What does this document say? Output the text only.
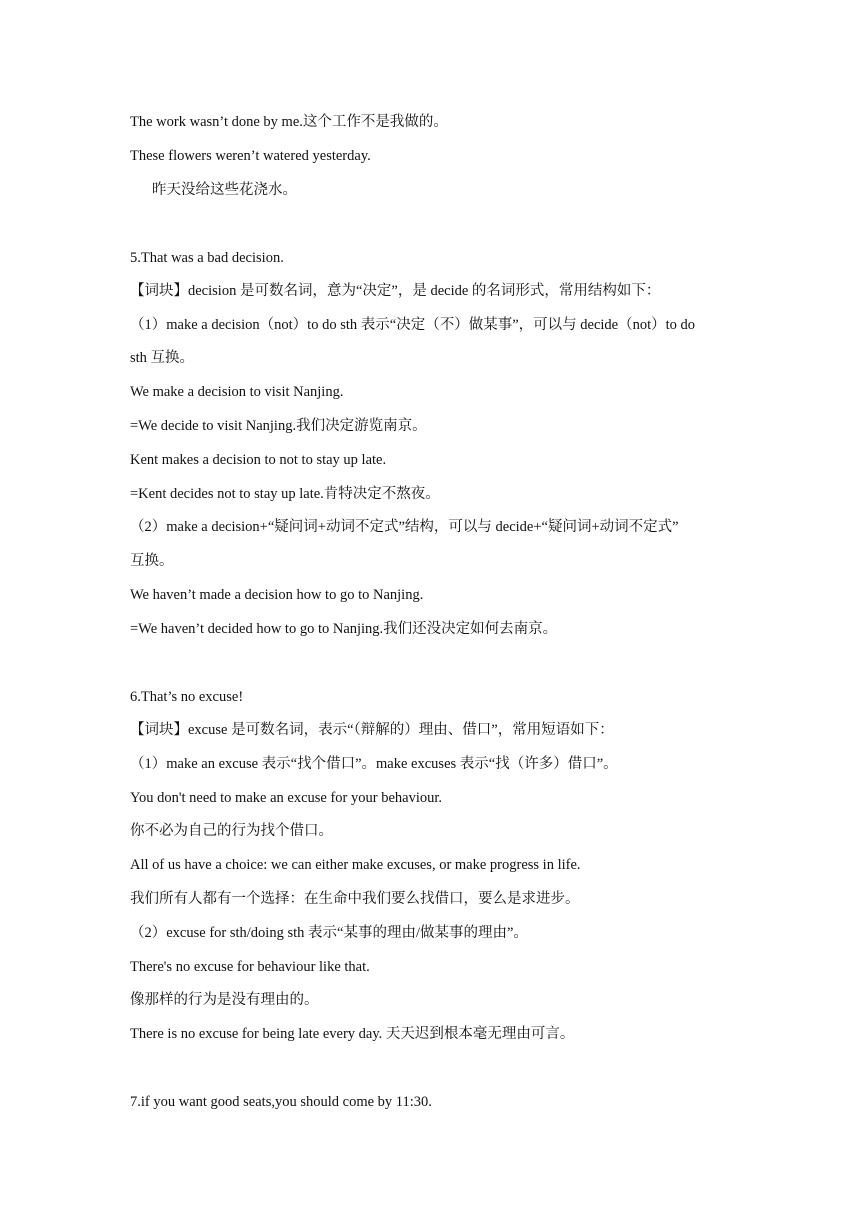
The work wasn’t done by me.这个工作不是我做的。
These flowers weren’t watered yesterday.
昨天没给这些花浇水。
5.That was a bad decision.
【词块】decision 是可数名词，意为“决定”，是 decide 的名词形式，常用结构如下：
（1）make a decision（not）to do sth 表示“决定（不）做某事”，可以与 decide（not）to do
sth 互换。
We make a decision to visit Nanjing.
=We decide to visit Nanjing.我们决定游览南京。
Kent makes a decision to not to stay up late.
=Kent decides not to stay up late.肯特决定不熬夜。
（2）make a decision+“疑问词+动词不定式”结构，可以与 decide+“疑问词+动词不定式”
互换。
We haven’t made a decision how to go to Nanjing.
=We haven’t decided how to go to Nanjing.我们还没决定如何去南京。
6.That’s no excuse!
【词块】excuse 是可数名词，表示“（辩解的）理由、借口”，常用短语如下：
（1）make an excuse 表示“找个借口”。make excuses 表示“找（许多）借口”。
You don't need to make an excuse for your behaviour.
你不必为自己的行为找个借口。
All of us have a choice: we can either make excuses, or make progress in life.
我们所有人都有一个选择：在生命中我们要么找借口，要么是求进步。
（2）excuse for sth/doing sth 表示“某事的理由/做某事的理由”。
There's no excuse for behaviour like that.
像那样的行为是没有理由的。
There is no excuse for being late every day. 天天迟到根本毫无理由可言。
7.if you want good seats,you should come by 11:30.
